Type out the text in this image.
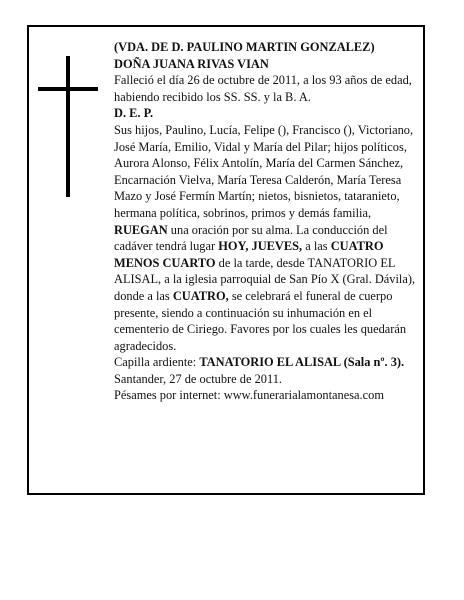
(VDA. DE D. PAULINO MARTIN GONZALEZ)

DOÑA JUANA RIVAS VIAN

Falleció el día 26 de octubre de 2011, a los 93 años de edad, habiendo recibido los SS. SS. y la B. A.

D. E. P.

Sus hijos, Paulino, Lucía, Felipe (), Francisco (), Victoriano, José María, Emilio, Vidal y María del Pilar; hijos políticos, Aurora Alonso, Félix Antolín, María del Carmen Sánchez, Encarnación Vielva, María Teresa Calderón, María Teresa Mazo y José Fermín Martín; nietos, bisnietos, tataranieto, hermana política, sobrinos, primos y demás familia,

RUEGAN una oración por su alma. La conducción del cadáver tendrá lugar HOY, JUEVES, a las CUATRO MENOS CUARTO de la tarde, desde TANATORIO EL ALISAL, a la iglesia parroquial de San Pío X (Gral. Dávila), donde a las CUATRO, se celebrará el funeral de cuerpo presente, siendo a continuación su inhumación en el cementerio de Ciriego. Favores por los cuales les quedarán agradecidos.

Capilla ardiente: TANATORIO EL ALISAL (Sala nº. 3).

Santander, 27 de octubre de 2011.

Pésames por internet: www.funerarialamontanesa.com
